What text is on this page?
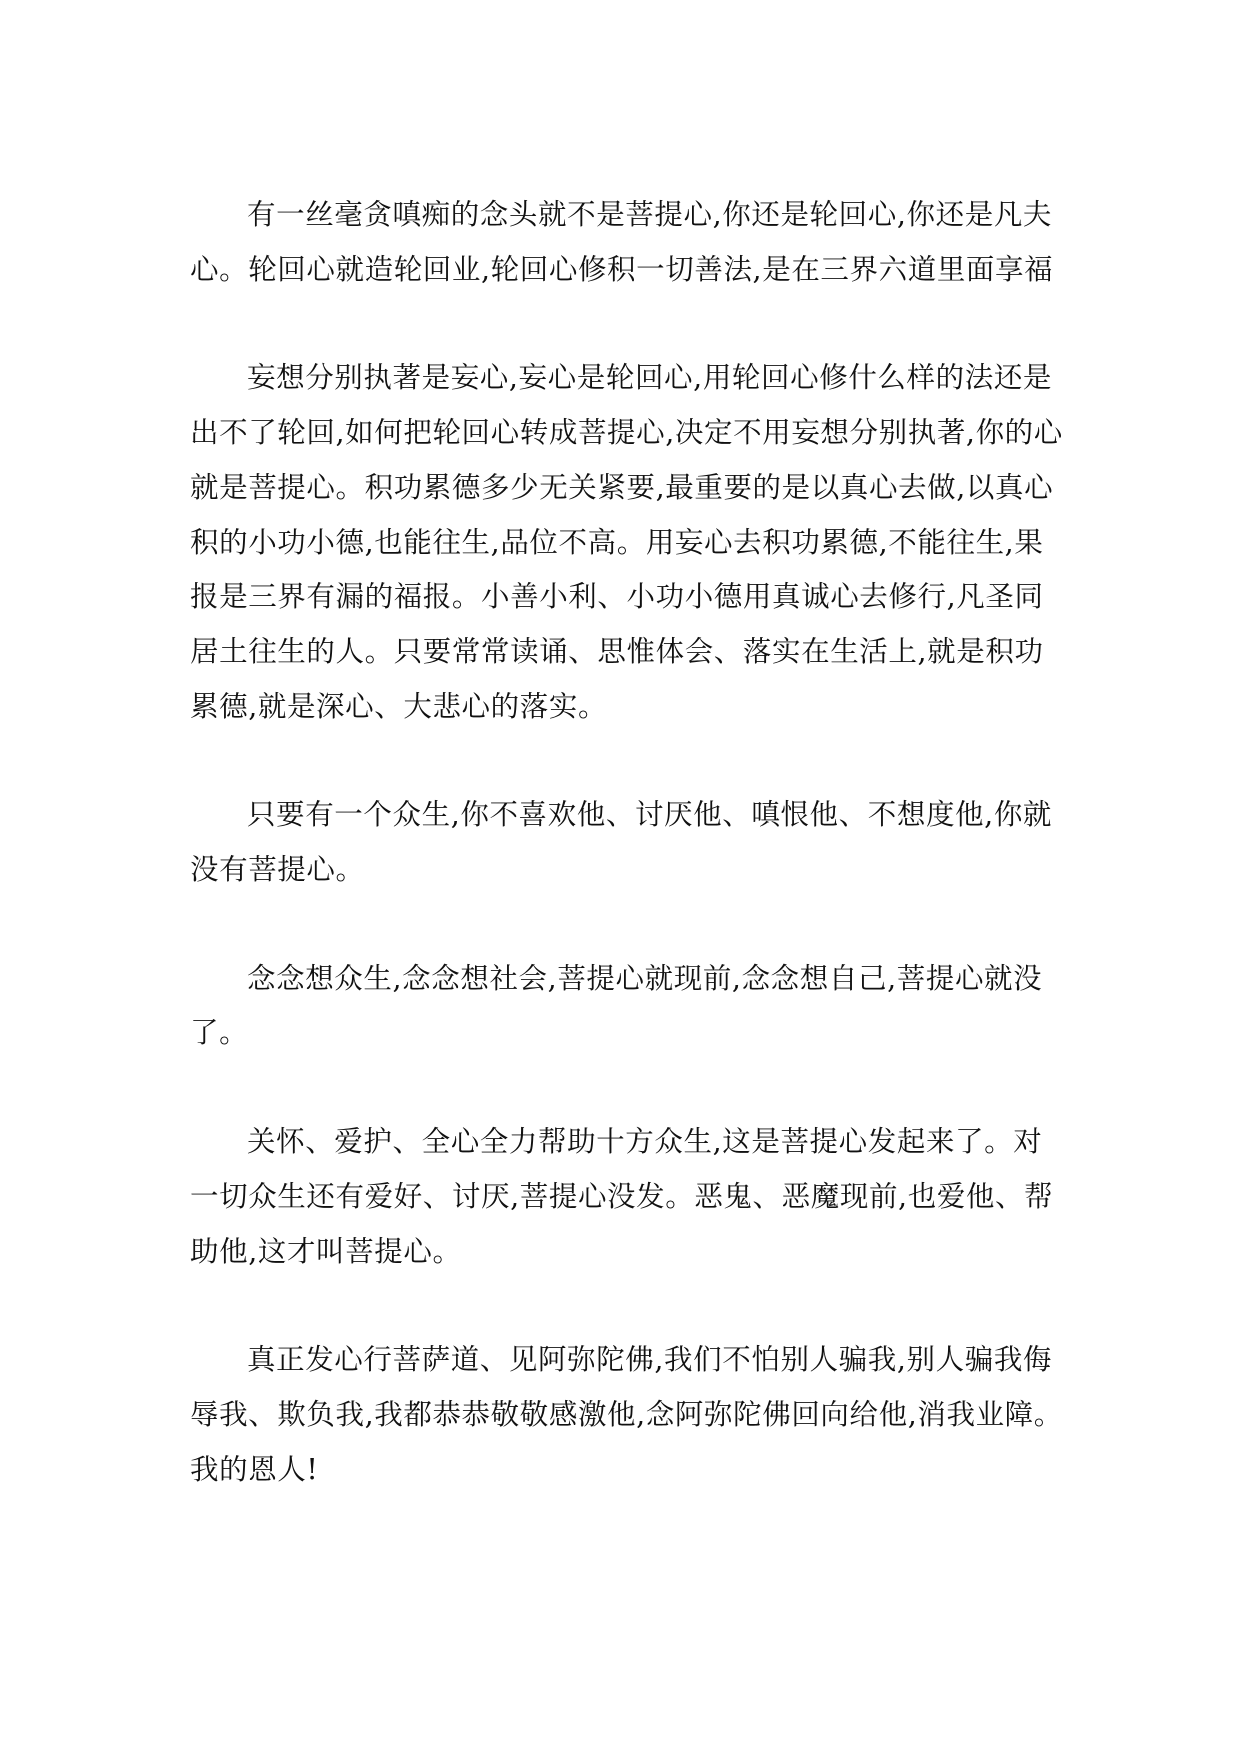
有一丝毫贪嗔痴的念头就不是菩提心,你还是轮回心,你还是凡夫心。轮回心就造轮回业,轮回心修积一切善法,是在三界六道里面享福

妄想分别执著是妄心,妄心是轮回心,用轮回心修什么样的法还是出不了轮回,如何把轮回心转成菩提心,决定不用妄想分别执著,你的心就是菩提心。积功累德多少无关紧要,最重要的是以真心去做,以真心积的小功小德,也能往生,品位不高。用妄心去积功累德,不能往生,果报是三界有漏的福报。小善小利、小功小德用真诚心去修行,凡圣同居土往生的人。只要常常读诵、思惟体会、落实在生活上,就是积功累德,就是深心、大悲心的落实。

只要有一个众生,你不喜欢他、讨厌他、嗔恨他、不想度他,你就没有菩提心。

念念想众生,念念想社会,菩提心就现前,念念想自己,菩提心就没了。

关怀、爱护、全心全力帮助十方众生,这是菩提心发起来了。对一切众生还有爱好、讨厌,菩提心没发。恶鬼、恶魔现前,也爱他、帮助他,这才叫菩提心。

真正发心行菩萨道、见阿弥陀佛,我们不怕别人骗我,别人骗我侮辱我、欺负我,我都恭恭敬敬感激他,念阿弥陀佛回向给他,消我业障。我的恩人!
